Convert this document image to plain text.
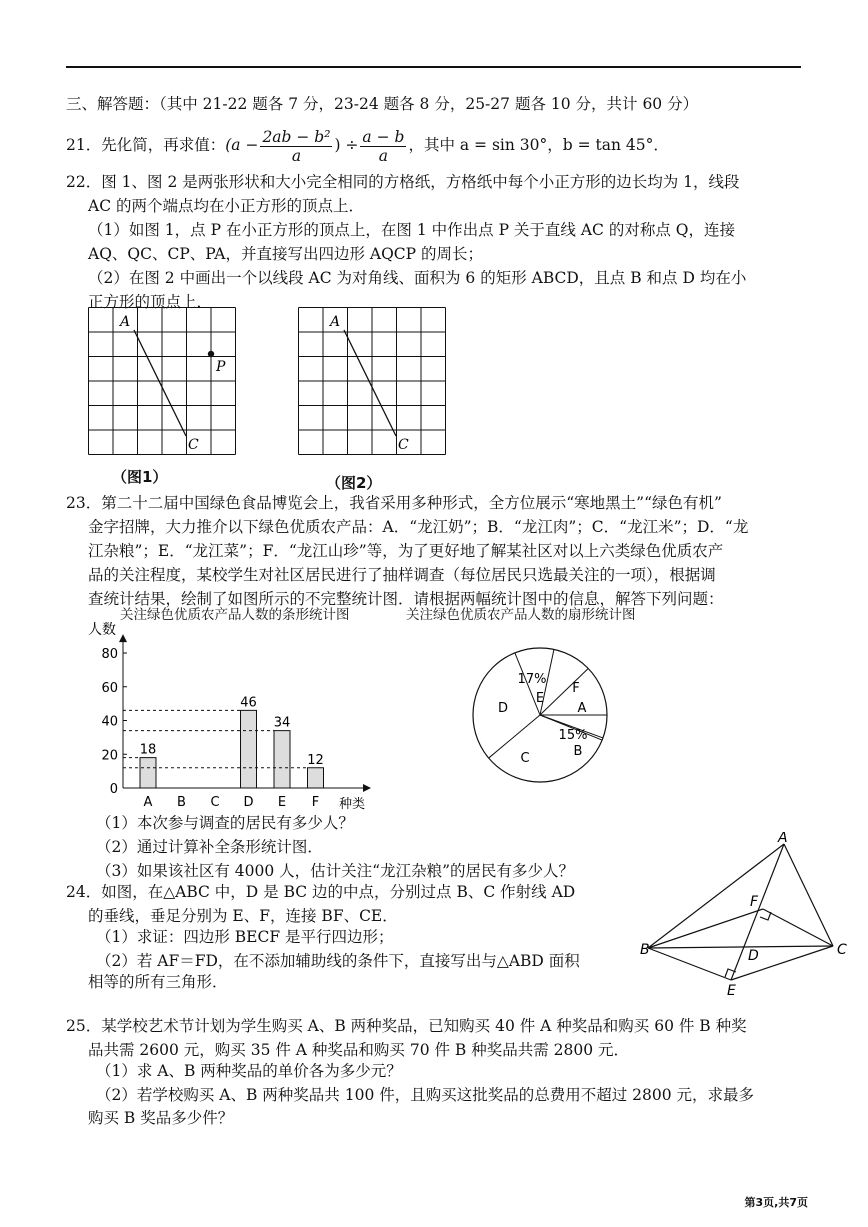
三、解答题：（其中 21-22 题各 7 分，23-24 题各 8 分，25-27 题各 10 分，共计 60 分）
21．先化简，再求值：($a - \frac{\text{2ab − b²}}{a}$ ) ÷ $\frac{a - b}{a}$ ，其中 a = sin 30°，b = tan 45°．
22．图 1、图 2 是两张形状和大小完全相同的方格纸，方格纸中每个小正方形的边长均为 1，线段
AC 的两个端点均在小正方形的顶点上．
（1）如图 1，点 P 在小正方形的顶点上，在图 1 中作出点 P 关于直线 AC 的对称点 Q，连接
AQ、QC、CP、PA，并直接写出四边形 AQCP 的周长；
（2）在图 2 中画出一个以线段 AC 为对角线、面积为 6 的矩形 ABCD，且点 B 和点 D 均在小
正方形的顶点上．
A
C
P
（图1）
A
C
（图2）
23．第二十二届中国绿色食品博览会上，我省采用多种形式，全方位展示“寒地黑土”“绿色有机”
金字招牌，大力推介以下绿色优质农产品：A．“龙江奶”；B．“龙江肉”；C．“龙江米”；D．“龙
江杂粮”；E．“龙江菜”；F．“龙江山珍”等，为了更好地了解某社区对以上六类绿色优质农产
品的关注程度，某校学生对社区居民进行了抽样调查（每位居民只选最关注的一项），根据调
查统计结果，绘制了如图所示的不完整统计图．请根据两幅统计图中的信息，解答下列问题：
关注绿色优质农产品人数的条形统计图	关注绿色优质农产品人数的扇形统计图
人数
种类
0
20
40
60
80
A
18
B C D
46
E
34
F
12
A
B
15%
C
D
E
17%
F
（1）本次参与调查的居民有多少人？
（2）通过计算补全条形统计图．
（3）如果该社区有 4000 人，估计关注“龙江杂粮”的居民有多少人？
24．如图，在△ABC 中，D 是 BC 边的中点，分别过点 B、C 作射线 AD
的垂线，垂足分别为 E、F，连接 BF、CE．
（1）求证：四边形 BECF 是平行四边形；
（2）若 AF＝FD，在不添加辅助线的条件下，直接写出与△ABD 面积
相等的所有三角形．
A
B	C
D
E
F
25．某学校艺术节计划为学生购买 A、B 两种奖品，已知购买 40 件 A 种奖品和购买 60 件 B 种奖
品共需 2600 元，购买 35 件 A 种奖品和购买 70 件 B 种奖品共需 2800 元．
（1）求 A、B 两种奖品的单价各为多少元？
（2）若学校购买 A、B 两种奖品共 100 件，且购买这批奖品的总费用不超过 2800 元，求最多
购买 B 奖品多少件？
第3页,共7页
